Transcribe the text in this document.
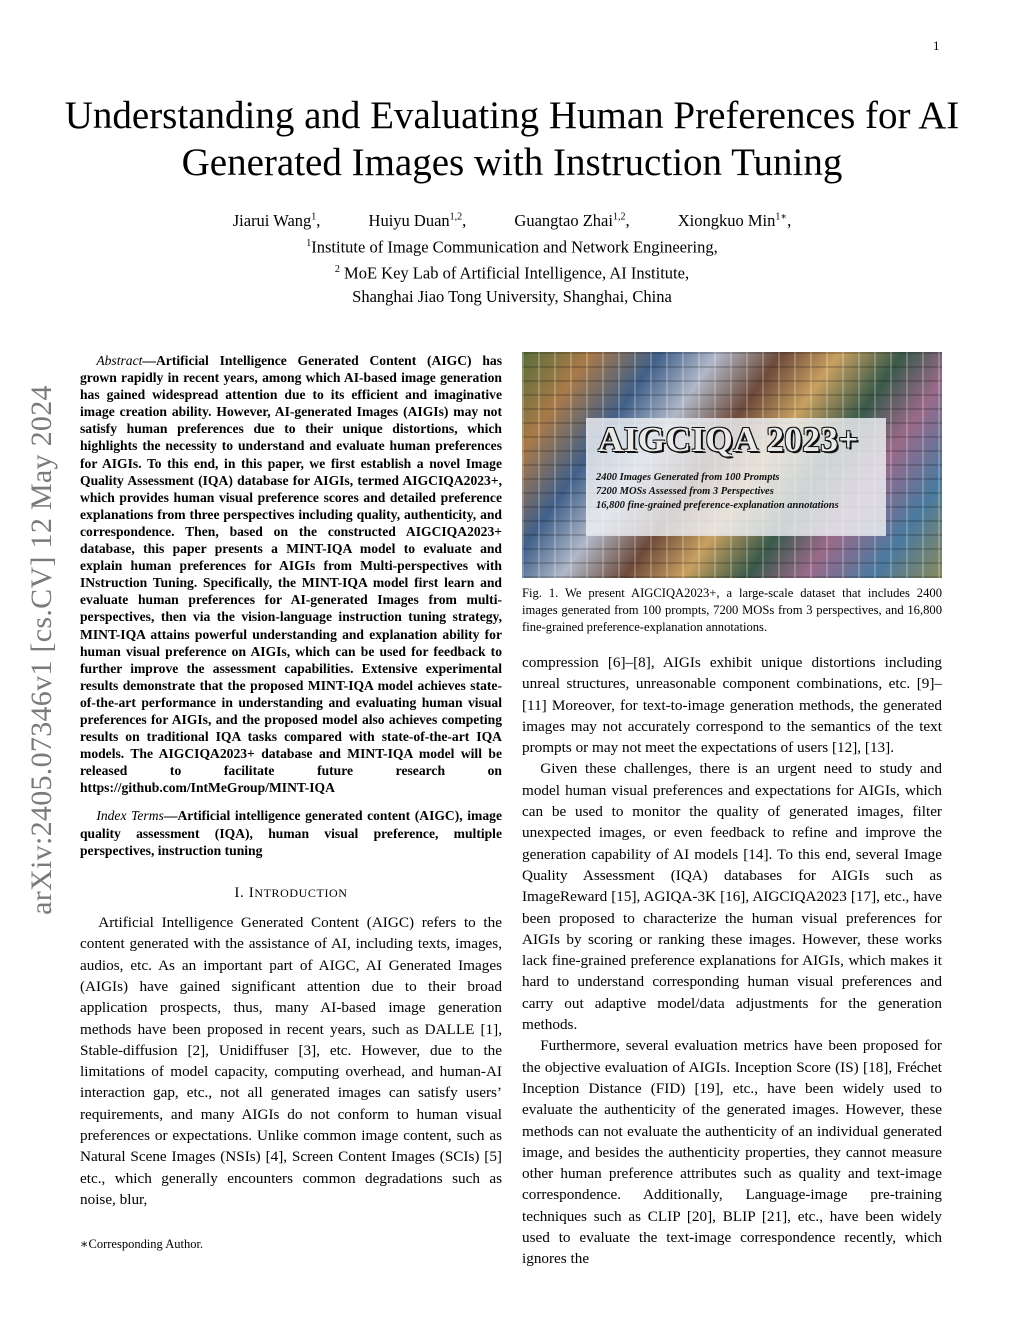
1
arXiv:2405.07346v1 [cs.CV] 12 May 2024
Understanding and Evaluating Human Preferences for AI Generated Images with Instruction Tuning
Jiarui Wang$^1$,	Huiyu Duan$^{1,2}$,	Guangtao Zhai$^{1,2}$,	Xiongkuo Min$^{1∗}$,
$^1$Institute of Image Communication and Network Engineering,
$^2$ MoE Key Lab of Artificial Intelligence, AI Institute,
Shanghai Jiao Tong University, Shanghai, China

Abstract—Artificial Intelligence Generated Content (AIGC) has grown rapidly in recent years, among which AI-based image generation has gained widespread attention due to its efficient and imaginative image creation ability. However, AI-generated Images (AIGIs) may not satisfy human preferences due to their unique distortions, which highlights the necessity to understand and evaluate human preferences for AIGIs. To this end, in this paper, we first establish a novel Image Quality Assessment (IQA) database for AIGIs, termed AIGCIQA2023+, which provides human visual preference scores and detailed preference explanations from three perspectives including quality, authenticity, and correspondence. Then, based on the constructed AIGCIQA2023+ database, this paper presents a MINT-IQA model to evaluate and explain human preferences for AIGIs from Multi-perspectives with INstruction Tuning. Specifically, the MINT-IQA model first learn and evaluate human preferences for AI-generated Images from multi-perspectives, then via the vision-language instruction tuning strategy, MINT-IQA attains powerful understanding and explanation ability for human visual preference on AIGIs, which can be used for feedback to further improve the assessment capabilities. Extensive experimental results demonstrate that the proposed MINT-IQA model achieves state-of-the-art performance in understanding and evaluating human visual preferences for AIGIs, and the proposed model also achieves competing results on traditional IQA tasks compared with state-of-the-art IQA models. The AIGCIQA2023+ database and MINT-IQA model will be released to facilitate future research on https://github.com/IntMeGroup/MINT-IQA

Index Terms—Artificial intelligence generated content (AIGC), image quality assessment (IQA), human visual preference, multiple perspectives, instruction tuning

I. INTRODUCTION

Artificial Intelligence Generated Content (AIGC) refers to the content generated with the assistance of AI, including texts, images, audios, etc. As an important part of AIGC, AI Generated Images (AIGIs) have gained significant attention due to their broad application prospects, thus, many AI-based image generation methods have been proposed in recent years, such as DALLE [1], Stable-diffusion [2], Unidiffuser [3], etc. However, due to the limitations of model capacity, computing overhead, and human-AI interaction gap, etc., not all generated images can satisfy users’ requirements, and many AIGIs do not conform to human visual preferences or expectations. Unlike common image content, such as Natural Scene Images (NSIs) [4], Screen Content Images (SCIs) [5] etc., which generally encounters common degradations such as noise, blur,

∗Corresponding Author.
AIGCIQA 2023+
2400 Images Generated from 100 Prompts
7200 MOSs Assessed from 3 Perspectives
16,800 fine-grained preference-explanation annotations
Fig. 1. We present AIGCIQA2023+, a large-scale dataset that includes 2400 images generated from 100 prompts, 7200 MOSs from 3 perspectives, and 16,800 fine-grained preference-explanation annotations.

compression [6]–[8], AIGIs exhibit unique distortions including unreal structures, unreasonable component combinations, etc. [9]–[11] Moreover, for text-to-image generation methods, the generated images may not accurately correspond to the semantics of the text prompts or may not meet the expectations of users [12], [13].

Given these challenges, there is an urgent need to study and model human visual preferences and expectations for AIGIs, which can be used to monitor the quality of generated images, filter unexpected images, or even feedback to refine and improve the generation capability of AI models [14]. To this end, several Image Quality Assessment (IQA) databases for AIGIs such as ImageReward [15], AGIQA-3K [16], AIGCIQA2023 [17], etc., have been proposed to characterize the human visual preferences for AIGIs by scoring or ranking these images. However, these works lack fine-grained preference explanations for AIGIs, which makes it hard to understand corresponding human visual preferences and carry out adaptive model/data adjustments for the generation methods.

Furthermore, several evaluation metrics have been proposed for the objective evaluation of AIGIs. Inception Score (IS) [18], Fréchet Inception Distance (FID) [19], etc., have been widely used to evaluate the authenticity of the generated images. However, these methods can not evaluate the authenticity of an individual generated image, and besides the authenticity properties, they cannot measure other human preference attributes such as quality and text-image correspondence. Additionally, Language-image pre-training techniques such as CLIP [20], BLIP [21], etc., have been widely used to evaluate the text-image correspondence recently, which ignores the
